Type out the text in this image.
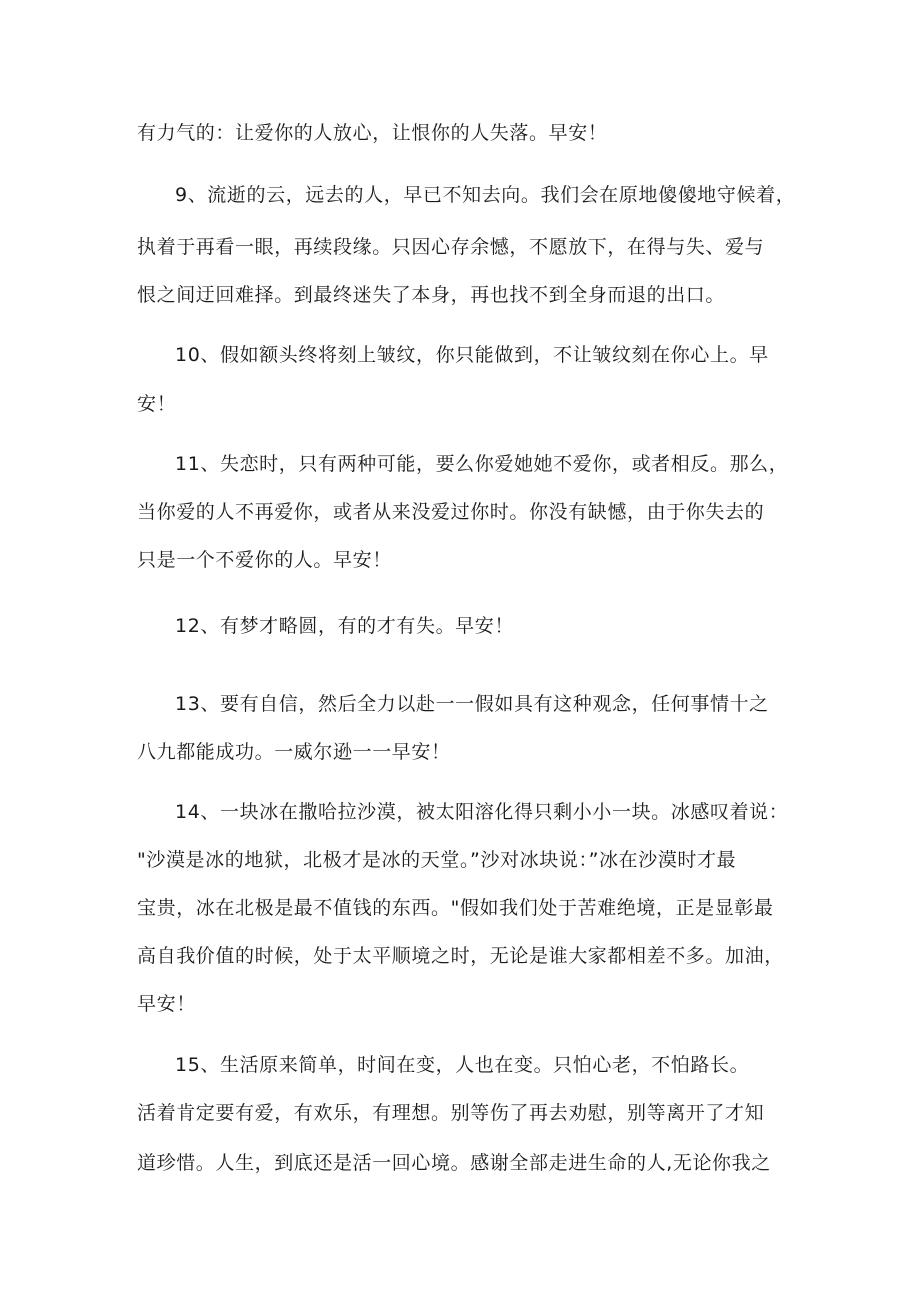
有力气的：让爱你的人放心，让恨你的人失落。早安！
9、流逝的云，远去的人，早已不知去向。我们会在原地傻傻地守候着，
执着于再看一眼，再续段缘。只因心存余憾，不愿放下，在得与失、爱与
恨之间迂回难择。到最终迷失了本身，再也找不到全身而退的出口。
10、假如额头终将刻上皱纹，你只能做到，不让皱纹刻在你心上。早
安！
11、失恋时，只有两种可能，要么你爱她她不爱你，或者相反。那么，
当你爱的人不再爱你，或者从来没爱过你时。你没有缺憾，由于你失去的
只是一个不爱你的人。早安！
12、有梦才略圆，有的才有失。早安！
13、要有自信，然后全力以赴一一假如具有这种观念，任何事情十之
八九都能成功。一威尔逊一一早安！
14、一块冰在撒哈拉沙漠，被太阳溶化得只剩小小一块。冰感叹着说：
"沙漠是冰的地狱，北极才是冰的天堂。”沙对冰块说：”冰在沙漠时才最
宝贵，冰在北极是最不值钱的东西。"假如我们处于苦难绝境，正是显彰最
高自我价值的时候，处于太平顺境之时，无论是谁大家都相差不多。加油，
早安！
15、生活原来简单，时间在变，人也在变。只怕心老，不怕路长。
活着肯定要有爱，有欢乐，有理想。别等伤了再去劝慰，别等离开了才知
道珍惜。人生，到底还是活一回心境。感谢全部走进生命的人,无论你我之
